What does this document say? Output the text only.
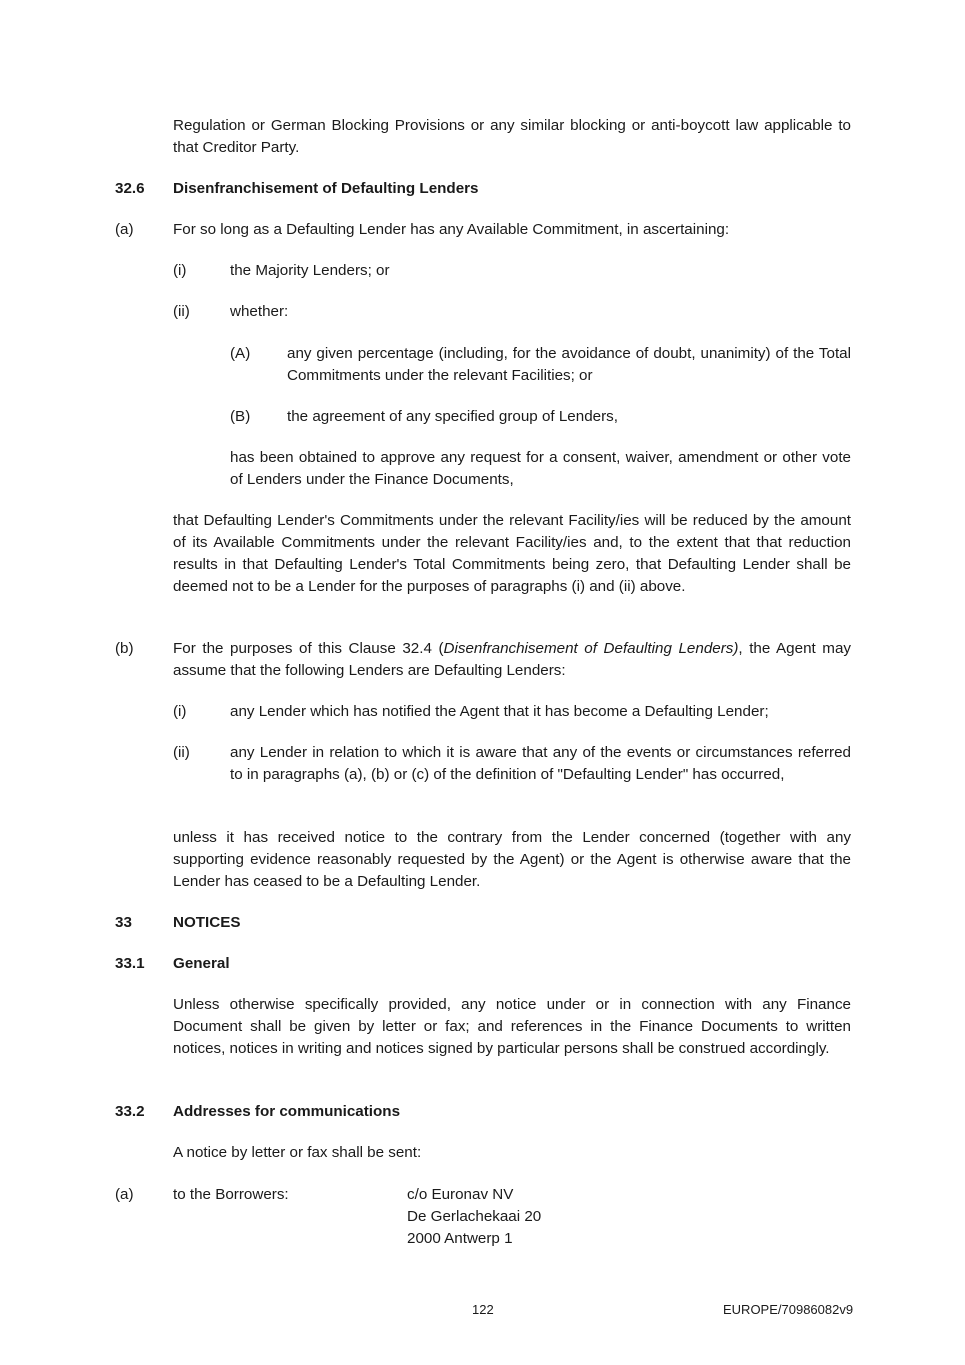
Regulation or German Blocking Provisions or any similar blocking or anti-boycott law applicable to that Creditor Party.
32.6 Disenfranchisement of Defaulting Lenders
(a)	For so long as a Defaulting Lender has any Available Commitment, in ascertaining:
(i)	the Majority Lenders; or
(ii)	whether:
(A) any given percentage (including, for the avoidance of doubt, unanimity) of the Total Commitments under the relevant Facilities; or
(B) the agreement of any specified group of Lenders,
has been obtained to approve any request for a consent, waiver, amendment or other vote of Lenders under the Finance Documents,
that Defaulting Lender's Commitments under the relevant Facility/ies will be reduced by the amount of its Available Commitments under the relevant Facility/ies and, to the extent that that reduction results in that Defaulting Lender's Total Commitments being zero, that Defaulting Lender shall be deemed not to be a Lender for the purposes of paragraphs (i) and (ii) above.
(b)	For the purposes of this Clause 32.4 (Disenfranchisement of Defaulting Lenders), the Agent may assume that the following Lenders are Defaulting Lenders:
(i)	any Lender which has notified the Agent that it has become a Defaulting Lender;
(ii)	any Lender in relation to which it is aware that any of the events or circumstances referred to in paragraphs (a), (b) or (c) of the definition of "Defaulting Lender" has occurred,
unless it has received notice to the contrary from the Lender concerned (together with any supporting evidence reasonably requested by the Agent) or the Agent is otherwise aware that the Lender has ceased to be a Defaulting Lender.
33	NOTICES
33.1 General
Unless otherwise specifically provided, any notice under or in connection with any Finance Document shall be given by letter or fax; and references in the Finance Documents to written notices, notices in writing and notices signed by particular persons shall be construed accordingly.
33.2 Addresses for communications
A notice by letter or fax shall be sent:
(a)	to the Borrowers:	c/o Euronav NV
De Gerlachekaai 20
2000 Antwerp 1
122	EUROPE/70986082v9
